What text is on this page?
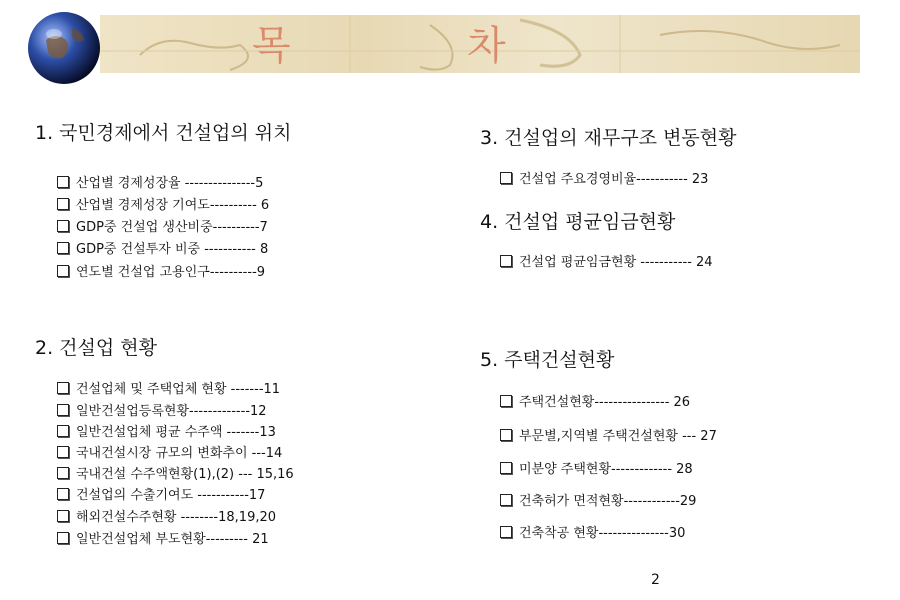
목	차
1. 국민경제에서 건설업의 위치
산업별 경제성장율 ---------------5
산업별 경제성장 기여도---------- 6
GDP중 건설업 생산비중----------7
GDP중 건설투자 비중 ----------- 8
연도별 건설업 고용인구----------9
2. 건설업 현황
건설업체 및 주택업체 현황 -------11
일반건설업등록현황-------------12
일반건설업체 평균 수주액 -------13
국내건설시장 규모의 변화추이 ---14
국내건설 수주액현황(1),(2) --- 15,16
건설업의 수출기여도 -----------17
해외건설수주현황 --------18,19,20
일반건설업체 부도현황--------- 21
3. 건설업의 재무구조 변동현황
건설업 주요경영비율----------- 23
4. 건설업 평균임금현황
건설업 평균임금현황 ----------- 24
5. 주택건설현황
주택건설현황---------------- 26
부문별,지역별 주택건설현황 --- 27
미분양 주택현황------------- 28
건축허가 면적현황------------29
건축착공 현황---------------30
2
